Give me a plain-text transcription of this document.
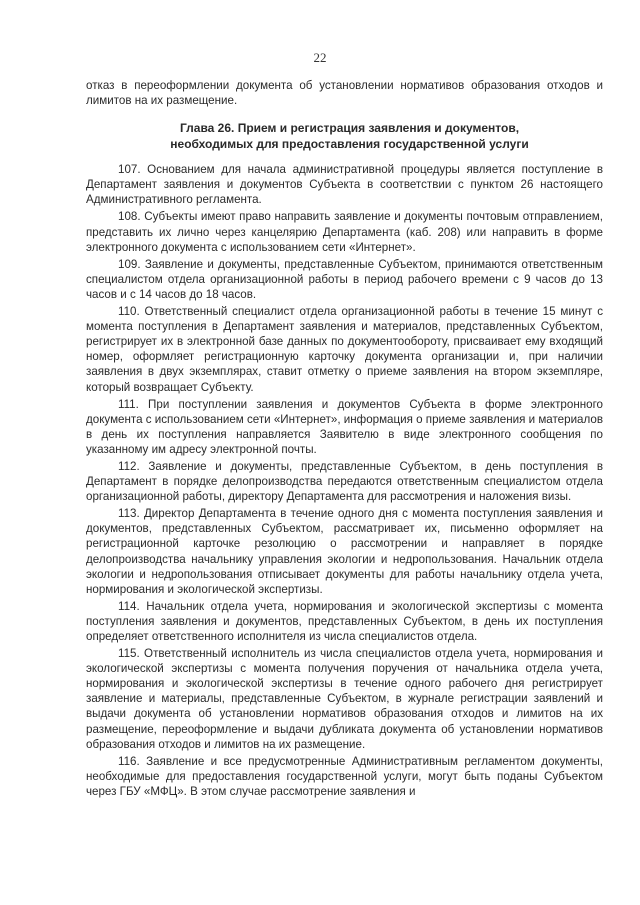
22

отказ в переоформлении документа об установлении нормативов образования отходов и лимитов на их размещение.

Глава 26. Прием и регистрация заявления и документов,
необходимых для предоставления государственной услуги

107. Основанием для начала административной процедуры является поступление в Департамент заявления и документов Субъекта в соответствии с пунктом 26 настоящего Административного регламента.

108. Субъекты имеют право направить заявление и документы почтовым отправлением, представить их лично через канцелярию Департамента (каб. 208) или направить в форме электронного документа с использованием сети «Интернет».

109. Заявление и документы, представленные Субъектом, принимаются ответственным специалистом отдела организационной работы в период рабочего времени с 9 часов до 13 часов и с 14 часов до 18 часов.

110. Ответственный специалист отдела организационной работы в течение 15 минут с момента поступления в Департамент заявления и материалов, представленных Субъектом, регистрирует их в электронной базе данных по документообороту, присваивает ему входящий номер, оформляет регистрационную карточку документа организации и, при наличии заявления в двух экземплярах, ставит отметку о приеме заявления на втором экземпляре, который возвращает Субъекту.

111. При поступлении заявления и документов Субъекта в форме электронного документа с использованием сети «Интернет», информация о приеме заявления и материалов в день их поступления направляется Заявителю в виде электронного сообщения по указанному им адресу электронной почты.

112. Заявление и документы, представленные Субъектом, в день поступления в Департамент в порядке делопроизводства передаются ответственным специалистом отдела организационной работы, директору Департамента для рассмотрения и наложения визы.

113. Директор Департамента в течение одного дня с момента поступления заявления и документов, представленных Субъектом, рассматривает их, письменно оформляет на регистрационной карточке резолюцию о рассмотрении и направляет в порядке делопроизводства начальнику управления экологии и недропользования. Начальник отдела экологии и недропользования отписывает документы для работы начальнику отдела учета, нормирования и экологической экспертизы.

114. Начальник отдела учета, нормирования и экологической экспертизы с момента поступления заявления и документов, представленных Субъектом, в день их поступления определяет ответственного исполнителя из числа специалистов отдела.

115. Ответственный исполнитель из числа специалистов отдела учета, нормирования и экологической экспертизы с момента получения поручения от начальника отдела учета, нормирования и экологической экспертизы в течение одного рабочего дня регистрирует заявление и материалы, представленные Субъектом, в журнале регистрации заявлений и выдачи документа об установлении нормативов образования отходов и лимитов на их размещение, переоформление и выдачи дубликата документа об установлении нормативов образования отходов и лимитов на их размещение.

116. Заявление и все предусмотренные Административным регламентом документы, необходимые для предоставления государственной услуги, могут быть поданы Субъектом через ГБУ «МФЦ». В этом случае рассмотрение заявления и
